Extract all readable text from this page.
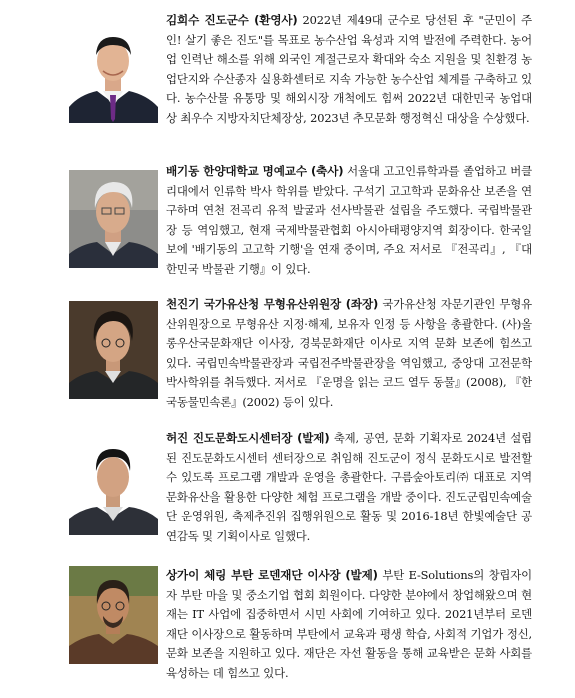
김희수 진도군수 (환영사) 2022년 제49대 군수로 당선된 후 "군민이 주인! 살기 좋은 진도"를 목표로 농수산업 육성과 지역 발전에 주력한다. 농어업 인력난 해소를 위해 외국인 계절근로자 확대와 숙소 지원을 및 친환경 농업단지와 수산종자 실용화센터로 지속 가능한 농수산업 체계를 구축하고 있다. 농수산물 유통망 및 해외시장 개척에도 힘써 2022년 대한민국 농업대상 최우수 지방자치단체장상, 2023년 추모문화 행정혁신 대상을 수상했다.
배기동 한양대학교 명예교수 (축사) 서울대 고고인류학과를 졸업하고 버클리대에서 인류학 박사 학위를 받았다. 구석기 고고학과 문화유산 보존을 연구하며 연천 전곡리 유적 발굴과 선사박물관 설립을 주도했다. 국립박물관장 등 역임했고, 현재 국제박물관협회 아시아태평양지역 회장이다. 한국일보에 '배기동의 고고학 기행'을 연재 중이며, 주요 저서로 『전곡리』, 『대한민국 박물관 기행』이 있다.
천진기 국가유산청 무형유산위원장 (좌장) 국가유산청 자문기관인 무형유산위원장으로 무형유산 지정·해제, 보유자 인정 등 사항을 총괄한다. (사)올롱우산국문화재단 이사장, 경북문화재단 이사로 지역 문화 보존에 힘쓰고 있다. 국립민속박물관장과 국립전주박물관장을 역임했고, 중앙대 고전문학 박사학위를 취득했다. 저서로 『운명을 읽는 코드 열두 동물』(2008), 『한국동물민속론』(2002) 등이 있다.
허진 진도문화도시센터장 (발제) 축제, 공연, 문화 기획자로 2024년 설립된 진도문화도시센터 센터장으로 취임해 진도군이 정식 문화도시로 발전할 수 있도록 프로그램 개발과 운영을 총괄한다. 구름숲아토리㈜ 대표로 지역 문화유산을 활용한 다양한 체험 프로그램을 개발 중이다. 진도군립민속예술단 운영위원, 축제추진위 집행위원으로 활동 및 2016-18년 한빛예술단 공연감독 및 기획이사로 일했다.
상가이 체링 부탄 로덴재단 이사장 (발제) 부탄 E-Solutions의 창립자이자 부탄 마을 및 중소기업 협회 회원이다. 다양한 분야에서 창업해왔으며 현재는 IT 사업에 집중하면서 시민 사회에 기여하고 있다. 2021년부터 로덴 재단 이사장으로 활동하며 부탄에서 교육과 평생 학습, 사회적 기업가 정신, 문화 보존을 지원하고 있다. 재단은 자선 활동을 통해 교육받은 문화 사회를 육성하는 데 힘쓰고 있다.
